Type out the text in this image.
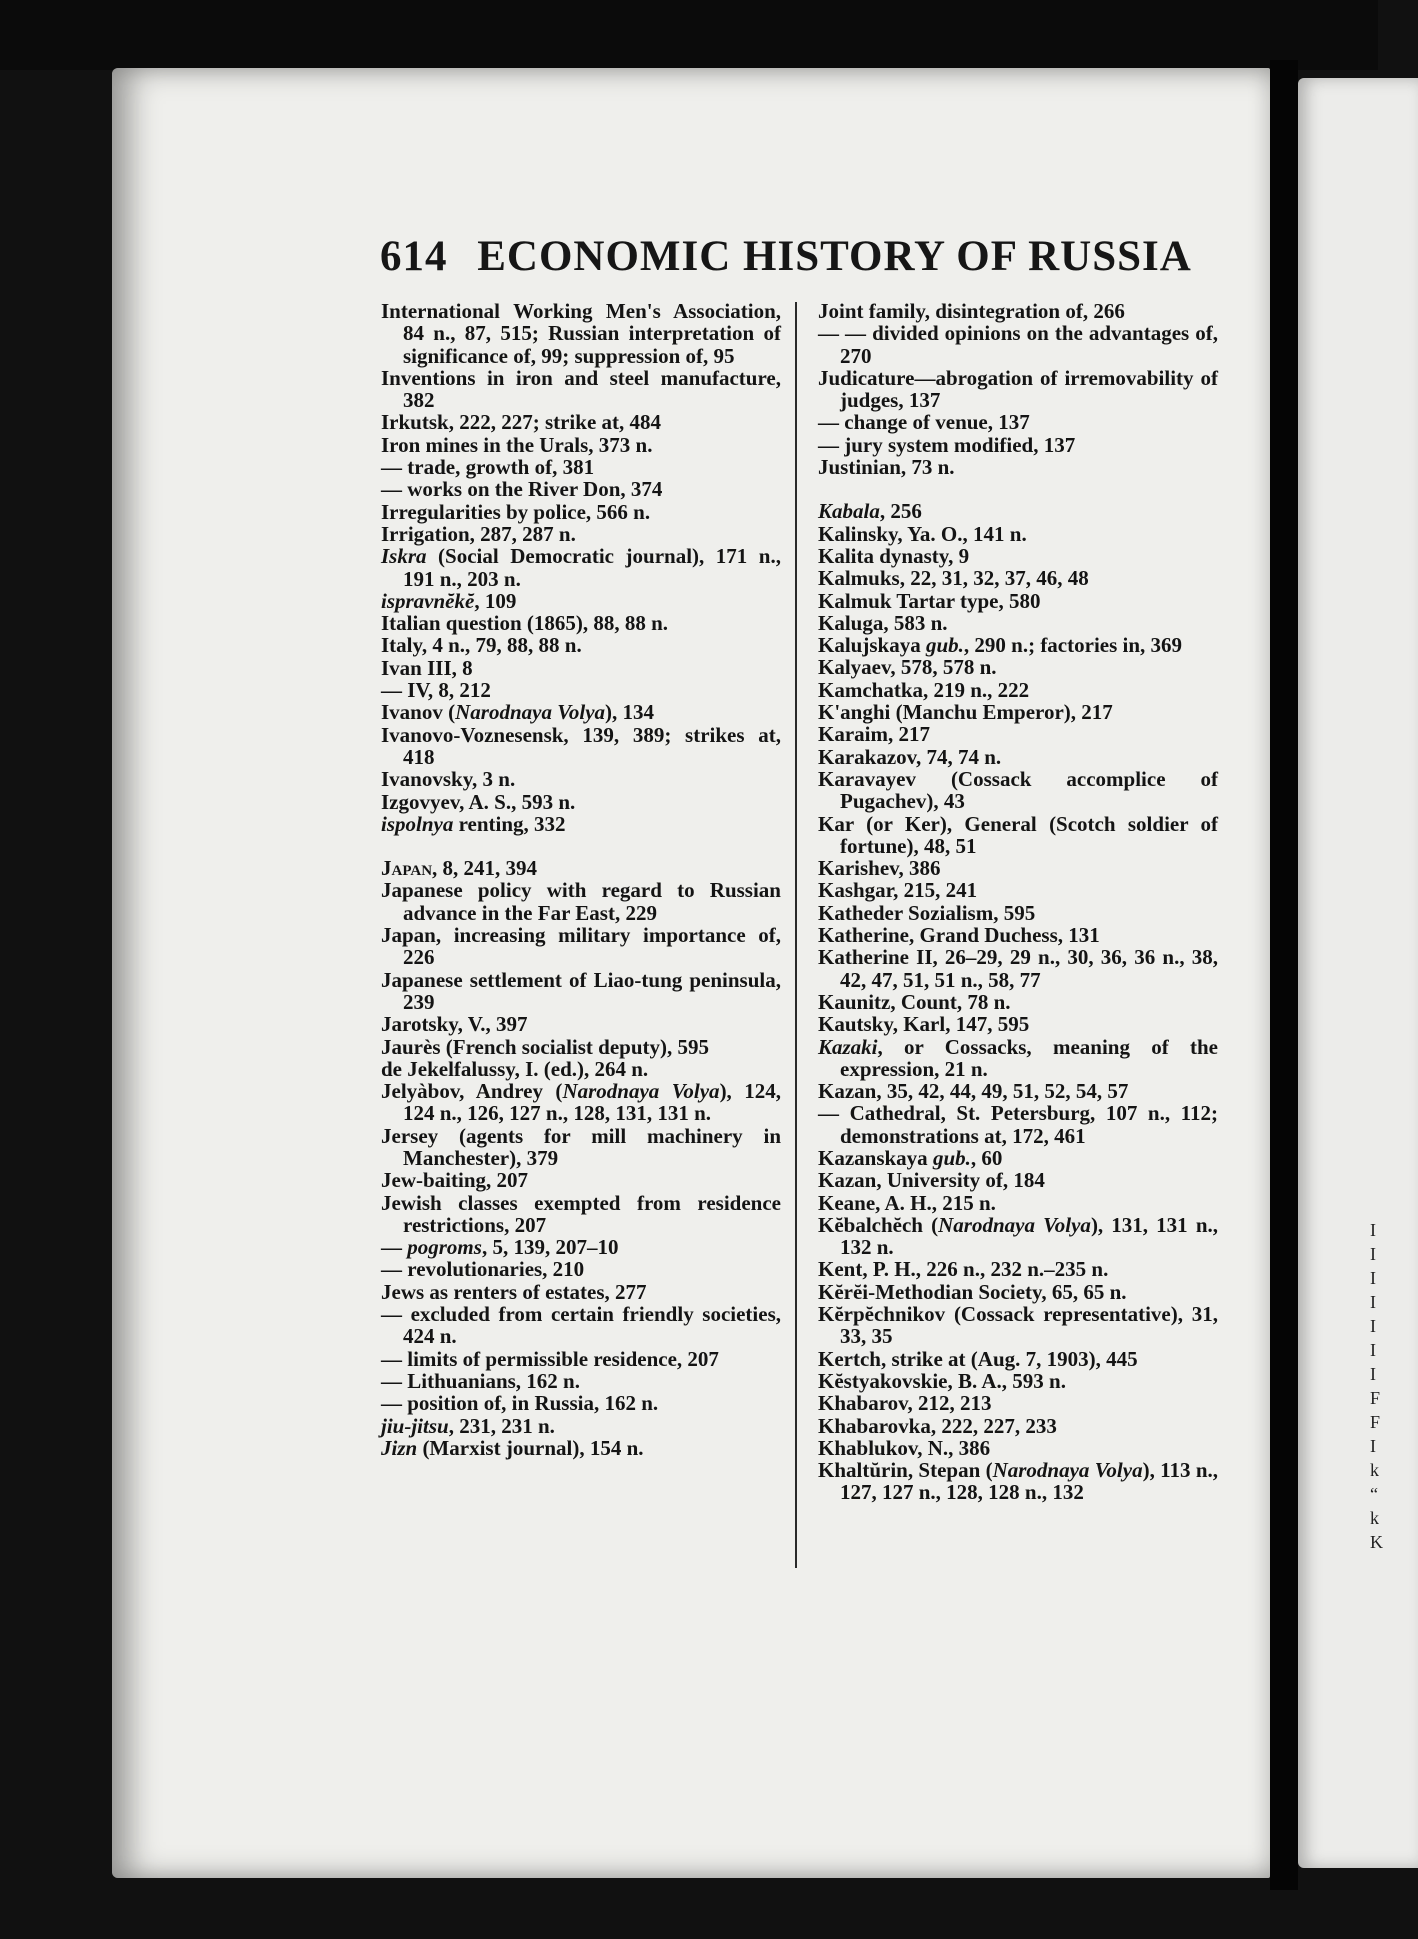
I
I
I
I
I
I
I
F
F
I
k
“
k
K
614 ECONOMIC HISTORY OF RUSSIA
International Working Men's Association, 84 n., 87, 515; Russian interpretation of significance of, 99; suppression of, 95
Inventions in iron and steel manufacture, 382
Irkutsk, 222, 227; strike at, 484
Iron mines in the Urals, 373 n.
— trade, growth of, 381
— works on the River Don, 374
Irregularities by police, 566 n.
Irrigation, 287, 287 n.
Iskra (Social Democratic journal), 171 n., 191 n., 203 n.
ispravnĕkĕ, 109
Italian question (1865), 88, 88 n.
Italy, 4 n., 79, 88, 88 n.
Ivan III, 8
— IV, 8, 212
Ivanov (Narodnaya Volya), 134
Ivanovo-Voznesensk, 139, 389; strikes at, 418
Ivanovsky, 3 n.
Izgovyev, A. S., 593 n.
ispolnya renting, 332
Japan, 8, 241, 394
Japanese policy with regard to Russian advance in the Far East, 229
Japan, increasing military importance of, 226
Japanese settlement of Liao-tung peninsula, 239
Jarotsky, V., 397
Jaurès (French socialist deputy), 595
de Jekelfalussy, I. (ed.), 264 n.
Jelyàbov, Andrey (Narodnaya Volya), 124, 124 n., 126, 127 n., 128, 131, 131 n.
Jersey (agents for mill machinery in Manchester), 379
Jew-baiting, 207
Jewish classes exempted from residence restrictions, 207
— pogroms, 5, 139, 207–10
— revolutionaries, 210
Jews as renters of estates, 277
— excluded from certain friendly societies, 424 n.
— limits of permissible residence, 207
— Lithuanians, 162 n.
— position of, in Russia, 162 n.
jiu-jitsu, 231, 231 n.
Jizn (Marxist journal), 154 n.
Joint family, disintegration of, 266
— — divided opinions on the advantages of, 270
Judicature—abrogation of irremovability of judges, 137
— change of venue, 137
— jury system modified, 137
Justinian, 73 n.
Kabala, 256
Kalinsky, Ya. O., 141 n.
Kalita dynasty, 9
Kalmuks, 22, 31, 32, 37, 46, 48
Kalmuk Tartar type, 580
Kaluga, 583 n.
Kalujskaya gub., 290 n.; factories in, 369
Kalyaev, 578, 578 n.
Kamchatka, 219 n., 222
K'anghi (Manchu Emperor), 217
Karaim, 217
Karakazov, 74, 74 n.
Karavayev (Cossack accomplice of Pugachev), 43
Kar (or Ker), General (Scotch soldier of fortune), 48, 51
Karishev, 386
Kashgar, 215, 241
Katheder Sozialism, 595
Katherine, Grand Duchess, 131
Katherine II, 26–29, 29 n., 30, 36, 36 n., 38, 42, 47, 51, 51 n., 58, 77
Kaunitz, Count, 78 n.
Kautsky, Karl, 147, 595
Kazaki, or Cossacks, meaning of the expression, 21 n.
Kazan, 35, 42, 44, 49, 51, 52, 54, 57
— Cathedral, St. Petersburg, 107 n., 112; demonstrations at, 172, 461
Kazanskaya gub., 60
Kazan, University of, 184
Keane, A. H., 215 n.
Kĕbalchĕch (Narodnaya Volya), 131, 131 n., 132 n.
Kent, P. H., 226 n., 232 n.–235 n.
Kĕrĕi-Methodian Society, 65, 65 n.
Kĕrpĕchnikov (Cossack representative), 31, 33, 35
Kertch, strike at (Aug. 7, 1903), 445
Kĕstyakovskie, B. A., 593 n.
Khabarov, 212, 213
Khabarovka, 222, 227, 233
Khablukov, N., 386
Khaltŭrin, Stepan (Narodnaya Volya), 113 n., 127, 127 n., 128, 128 n., 132
